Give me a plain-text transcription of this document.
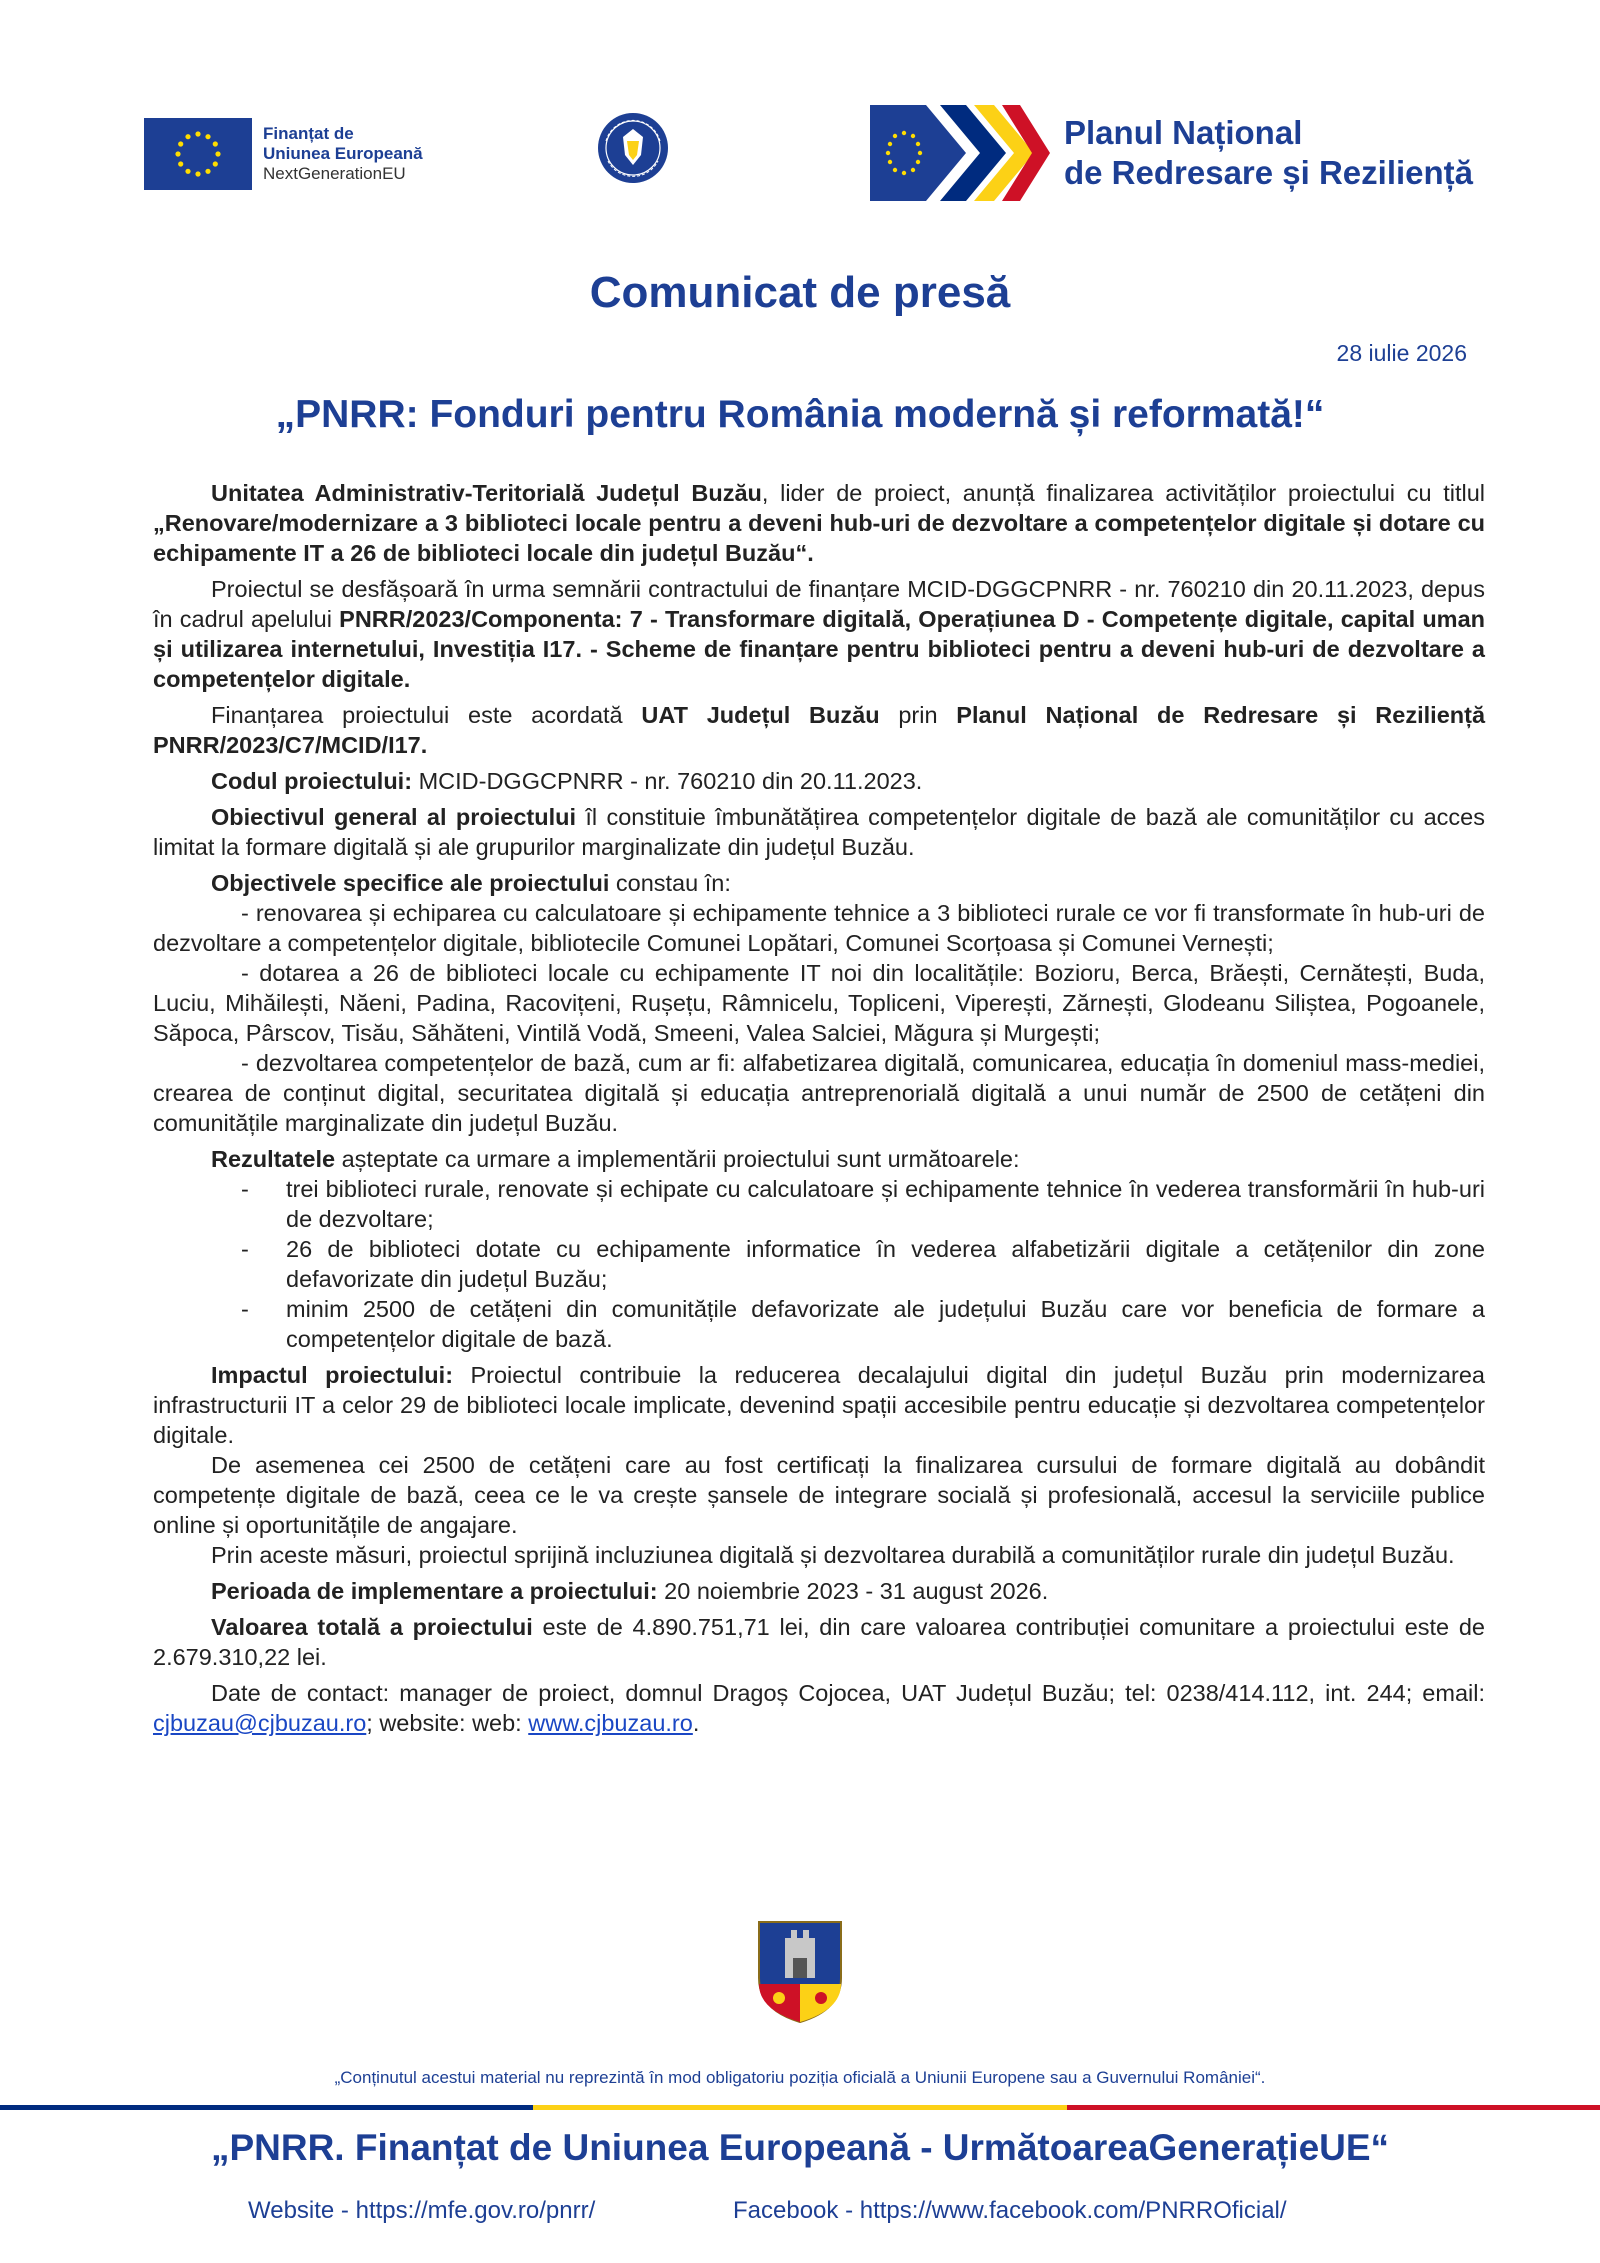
Finanțat de
Uniunea Europeană
NextGenerationEU
Planul Național
de Redresare și Reziliență
Comunicat de presă
28 iulie 2026
„PNRR: Fonduri pentru România modernă și reformată!“

Unitatea Administrativ-Teritorială Județul Buzău, lider de proiect, anunță finalizarea activităților proiectului cu titlul „Renovare/modernizare a 3 biblioteci locale pentru a deveni hub-uri de dezvoltare a competențelor digitale și dotare cu echipamente IT a 26 de biblioteci locale din județul Buzău“.

Proiectul se desfășoară în urma semnării contractului de finanțare MCID-DGGCPNRR - nr. 760210 din 20.11.2023, depus în cadrul apelului PNRR/2023/Componenta: 7 - Transformare digitală, Operațiunea D - Competențe digitale, capital uman și utilizarea internetului, Investiția I17. - Scheme de finanțare pentru biblioteci pentru a deveni hub-uri de dezvoltare a competențelor digitale.

Finanțarea proiectului este acordată UAT Județul Buzău prin Planul Național de Redresare și Reziliență PNRR/2023/C7/MCID/I17.

Codul proiectului: MCID-DGGCPNRR - nr. 760210 din 20.11.2023.

Obiectivul general al proiectului îl constituie îmbunătățirea competențelor digitale de bază ale comunităților cu acces limitat la formare digitală și ale grupurilor marginalizate din județul Buzău.

Objectivele specifice ale proiectului constau în:

- renovarea și echiparea cu calculatoare și echipamente tehnice a 3 biblioteci rurale ce vor fi transformate în hub-uri de dezvoltare a competențelor digitale, bibliotecile Comunei Lopătari, Comunei Scorțoasa și Comunei Vernești;

- dotarea a 26 de biblioteci locale cu echipamente IT noi din localitățile: Bozioru, Berca, Brăești, Cernătești, Buda, Luciu, Mihăilești, Năeni, Padina, Racovițeni, Rușețu, Râmnicelu, Topliceni, Viperești, Zărnești, Glodeanu Siliștea, Pogoanele, Săpoca, Pârscov, Tisău, Săhăteni, Vintilă Vodă, Smeeni, Valea Salciei, Măgura și Murgești;

- dezvoltarea competențelor de bază, cum ar fi: alfabetizarea digitală, comunicarea, educația în domeniul mass-mediei, crearea de conținut digital, securitatea digitală și educația antreprenorială digitală a unui număr de 2500 de cetățeni din comunitățile marginalizate din județul Buzău.

Rezultatele așteptate ca urmare a implementării proiectului sunt următoarele:

- trei biblioteci rurale, renovate și echipate cu calculatoare și echipamente tehnice în vederea transformării în hub-uri de dezvoltare;
- 26 de biblioteci dotate cu echipamente informatice în vederea alfabetizării digitale a cetățenilor din zone defavorizate din județul Buzău;
- minim 2500 de cetățeni din comunitățile defavorizate ale județului Buzău care vor beneficia de formare a competențelor digitale de bază.

Impactul proiectului: Proiectul contribuie la reducerea decalajului digital din județul Buzău prin modernizarea infrastructurii IT a celor 29 de biblioteci locale implicate, devenind spații accesibile pentru educație și dezvoltarea competențelor digitale.

De asemenea cei 2500 de cetățeni care au fost certificați la finalizarea cursului de formare digitală au dobândit competențe digitale de bază, ceea ce le va crește șansele de integrare socială și profesională, accesul la serviciile publice online și oportunitățile de angajare.

Prin aceste măsuri, proiectul sprijină incluziunea digitală și dezvoltarea durabilă a comunităților rurale din județul Buzău.

Perioada de implementare a proiectului: 20 noiembrie 2023 - 31 august 2026.

Valoarea totală a proiectului este de 4.890.751,71 lei, din care valoarea contribuției comunitare a proiectului este de 2.679.310,22 lei.

Date de contact: manager de proiect, domnul Dragoș Cojocea, UAT Județul Buzău; tel: 0238/414.112, int. 244; email: cjbuzau@cjbuzau.ro; website: web: www.cjbuzau.ro.

„Conținutul acestui material nu reprezintă în mod obligatoriu poziția oficială a Uniunii Europene sau a Guvernului României“.
„PNRR. Finanțat de Uniunea Europeană - UrmătoareaGenerațieUE“
Website - https://mfe.gov.ro/pnrr/	Facebook - https://www.facebook.com/PNRROficial/
